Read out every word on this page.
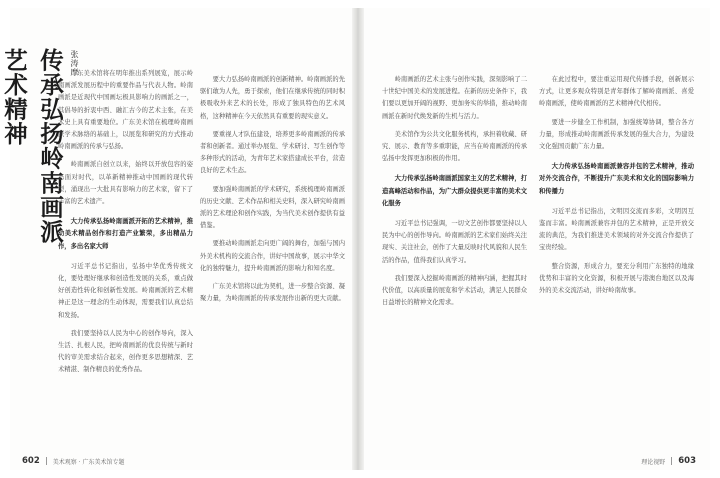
传承弘扬岭南画派艺术精神	张涛摩

广东美术馆将在明年推出系列展览，展示岭南画派发展历程中的重要作品与代表人物。岭南画派是近现代中国画坛极具影响力的画派之一，其倡导的折衷中西、融汇古今的艺术主张，在美术史上具有重要地位。广东美术馆在梳理岭南画派学术脉络的基础上，以展览和研究的方式推动岭南画派的传承与弘扬。

岭南画派自创立以来，始终以开放包容的姿态面对时代，以革新精神推动中国画的现代转型，涌现出一大批具有影响力的艺术家，留下了丰富的艺术遗产。

大力传承弘扬岭南画派开拓的艺术精神，推动美术精品创作和打造产业繁荣，多出精品力作，多出名家大师

习近平总书记指出，弘扬中华优秀传统文化，要处理好继承和创造性发展的关系，重点做好创造性转化和创新性发展。岭南画派的艺术精神正是这一理念的生动体现，需要我们认真总结和发扬。

我们要坚持以人民为中心的创作导向，深入生活、扎根人民，把岭南画派的优良传统与新时代的审美需求结合起来，创作更多思想精深、艺术精湛、制作精良的优秀作品。

要大力弘扬岭南画派的创新精神。岭南画派的先驱们敢为人先，勇于探索，他们在继承传统的同时积极吸收外来艺术的长处，形成了独具特色的艺术风格，这种精神在今天依然具有重要的现实意义。

要重视人才队伍建设，培养更多岭南画派的传承者和创新者。通过举办展览、学术研讨、写生创作等多种形式的活动，为青年艺术家搭建成长平台，营造良好的艺术生态。

要加强岭南画派的学术研究，系统梳理岭南画派的历史文献、艺术作品和相关史料，深入研究岭南画派的艺术理论和创作实践，为当代美术创作提供有益借鉴。

要推动岭南画派走向更广阔的舞台，加强与国内外美术机构的交流合作，讲好中国故事，展示中华文化的独特魅力，提升岭南画派的影响力和知名度。

广东美术馆将以此为契机，进一步整合资源、凝聚力量，为岭南画派的传承发展作出新的更大贡献。

602 美术观察 · 广东美术馆专题

岭南画派的艺术主张与创作实践，深刻影响了二十世纪中国美术的发展进程。在新的历史条件下，我们要以更加开阔的视野、更加务实的举措，推动岭南画派在新时代焕发新的生机与活力。

美术馆作为公共文化服务机构，承担着收藏、研究、展示、教育等多重职能，应当在岭南画派的传承弘扬中发挥更加积极的作用。

大力传承弘扬岭南画派国家主义的艺术精神，打造高峰活动和作品，为广大群众提供更丰富的美术文化服务

习近平总书记强调，一切文艺创作都要坚持以人民为中心的创作导向。岭南画派的艺术家们始终关注现实、关注社会，创作了大量反映时代风貌和人民生活的作品，值得我们认真学习。

我们要深入挖掘岭南画派的精神内涵，把握其时代价值，以高质量的展览和学术活动，满足人民群众日益增长的精神文化需求。

在此过程中，要注重运用现代传播手段，创新展示方式，让更多观众特别是青年群体了解岭南画派、喜爱岭南画派，使岭南画派的艺术精神代代相传。

要进一步健全工作机制，加强统筹协调，整合各方力量，形成推动岭南画派传承发展的强大合力，为建设文化强国贡献广东力量。

大力传承弘扬岭南画派兼容并包的艺术精神，推动对外交流合作，不断提升广东美术和文化的国际影响力和传播力

习近平总书记指出，文明因交流而多彩，文明因互鉴而丰富。岭南画派兼容并包的艺术精神，正是开放交流的典范，为我们推进美术领域的对外交流合作提供了宝贵经验。

整合资源，形成合力，要充分利用广东独特的地缘优势和丰富的文化资源，积极开展与港澳台地区以及海外的美术交流活动，讲好岭南故事。

理论视野 603
